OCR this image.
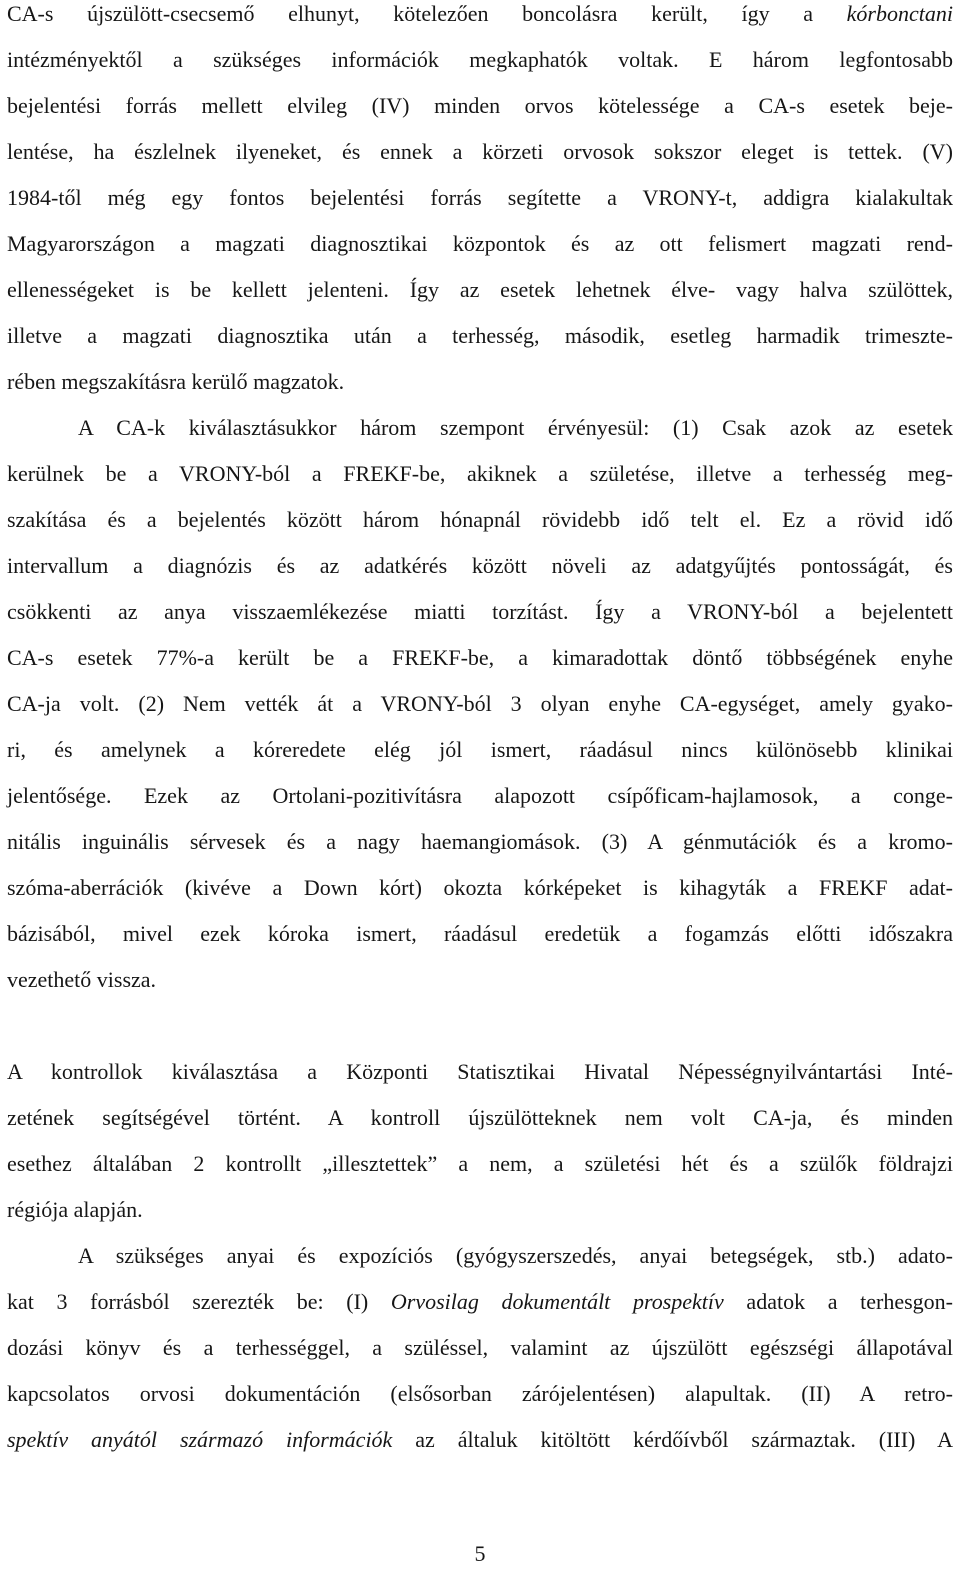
CA-s újszülött-csecsemő elhunyt, kötelezően boncolásra került, így a kórbonctani
intézményektől a szükséges információk megkaphatók voltak. E három legfontosabb
bejelentési forrás mellett elvileg (IV) minden orvos kötelessége a CA-s esetek beje-
lentése, ha észlelnek ilyeneket, és ennek a körzeti orvosok sokszor eleget is tettek. (V)
1984-től még egy fontos bejelentési forrás segítette a VRONY-t, addigra kialakultak
Magyarországon a magzati diagnosztikai központok és az ott felismert magzati rend-
ellenességeket is be kellett jelenteni. Így az esetek lehetnek élve- vagy halva szülöttek,
illetve a magzati diagnosztika után a terhesség, második, esetleg harmadik trimeszte-
rében megszakításra kerülő magzatok.
A CA-k kiválasztásukkor három szempont érvényesül: (1) Csak azok az esetek
kerülnek be a VRONY-ból a FREKF-be, akiknek a születése, illetve a terhesség meg-
szakítása és a bejelentés között három hónapnál rövidebb idő telt el. Ez a rövid idő
intervallum a diagnózis és az adatkérés között növeli az adatgyűjtés pontosságát, és
csökkenti az anya visszaemlékezése miatti torzítást. Így a VRONY-ból a bejelentett
CA-s esetek 77%-a került be a FREKF-be, a kimaradottak döntő többségének enyhe
CA-ja volt. (2) Nem vették át a VRONY-ból 3 olyan enyhe CA-egységet, amely gyako-
ri, és amelynek a kóreredete elég jól ismert, ráadásul nincs különösebb klinikai
jelentősége. Ezek az Ortolani-pozitivításra alapozott csípőficam-hajlamosok, a conge-
nitális inguinális sérvesek és a nagy haemangiomások. (3) A génmutációk és a kromo-
szóma-aberrációk (kivéve a Down kórt) okozta kórképeket is kihagyták a FREKF adat-
bázisából, mivel ezek kóroka ismert, ráadásul eredetük a fogamzás előtti időszakra
vezethető vissza.
A kontrollok kiválasztása a Központi Statisztikai Hivatal Népességnyilvántartási Inté-
zetének segítségével történt. A kontroll újszülötteknek nem volt CA-ja, és minden
esethez általában 2 kontrollt „illesztettek” a nem, a születési hét és a szülők földrajzi
régiója alapján.
A szükséges anyai és expozíciós (gyógyszerszedés, anyai betegségek, stb.) adato-
kat 3 forrásból szerezték be: (I) Orvosilag dokumentált prospektív adatok a terhesgon-
dozási könyv és a terhességgel, a szüléssel, valamint az újszülött egészségi állapotával
kapcsolatos orvosi dokumentáción (elsősorban zárójelentésen) alapultak. (II) A retro-
spektív anyától származó információk az általuk kitöltött kérdőívből származtak. (III) A
5
